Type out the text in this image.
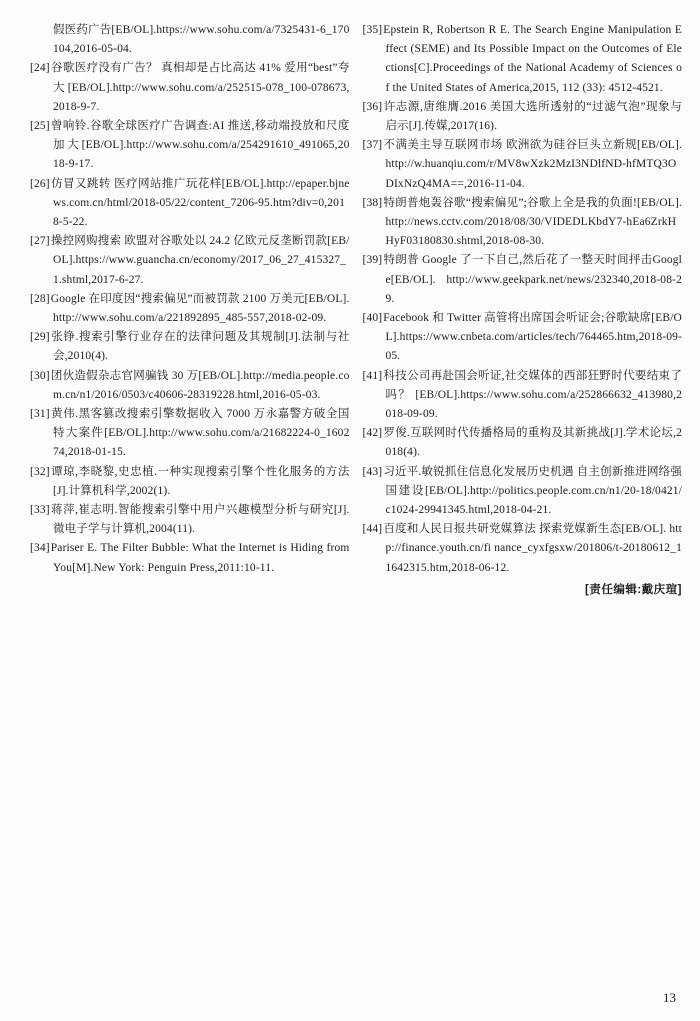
假医药广告[EB/OL].https://www.sohu.com/a/7325431-6_170104,2016-05-04.

[24]谷歌医疗没有广告？ 真相却是占比高达 41% 爱用“best”夸大[EB/OL].http://www.sohu.com/a/252515-078_100-078673,2018-9-7.

[25]曾响铃.谷歌全球医疗广告调查:AI 推送,移动端投放和尺度加大[EB/OL].http://www.sohu.com/a/254291610_491065,2018-9-17.

[26]仿冒又跳转 医疗网站推广玩花样[EB/OL].http://epaper.bjnews.com.cn/html/2018-05/22/content_7206-95.htm?div=0,2018-5-22.

[27]操控网购搜索 欧盟对谷歌处以 24.2 亿欧元反垄断罚款[EB/OL].https://www.guancha.cn/economy/2017_06_27_415327_1.shtml,2017-6-27.

[28]Google 在印度因“搜索偏见”而被罚款 2100 万美元[EB/OL].http://www.sohu.com/a/221892895_485-557,2018-02-09.

[29]张铮.搜索引擎行业存在的法律问题及其规制[J].法制与社会,2010(4).

[30]团伙造假杂志官网骗钱 30 万[EB/OL].http://media.people.com.cn/n1/2016/0503/c40606-28319228.html,2016-05-03.

[31]黄伟.黑客篡改搜索引擎数据收入 7000 万永嘉警方破全国特大案件[EB/OL].http://www.sohu.com/a/21682224-0_160274,2018-01-15.

[32]谭琼,李晓黎,史忠植.一种实现搜索引擎个性化服务的方法[J].计算机科学,2002(1).

[33]蒋萍,崔志明.智能搜索引擎中用户兴趣模型分析与研究[J].微电子学与计算机,2004(11).

[34]Pariser E. The Filter Bubble: What the Internet is Hiding from You[M].New York: Penguin Press,2011:10-11.

[35]Epstein R, Robertson R E. The Search Engine Manipulation Effect (SEME) and Its Possible Impact on the Outcomes of Elections[C].Proceedings of the National Academy of Sciences of the United States of America,2015, 112 (33): 4512-4521.

[36]许志源,唐维膺.2016 美国大选所透射的“过滤气泡”现象与启示[J].传媒,2017(16).

[37]不满美主导互联网市场 欧洲欲为硅谷巨头立新规[EB/OL]. http://w.huanqiu.com/r/MV8wXzk2MzI3NDlfND-hfMTQ3ODIxNzQ4MA==,2016-11-04.

[38]特朗普炮轰谷歌“搜索偏见”;谷歌上全是我的负面![EB/OL]. http://news.cctv.com/2018/08/30/VIDEDLKbdY7-hEa6ZrkHHyF03180830.shtml,2018-08-30.

[39]特朗普 Google 了一下自己,然后花了一整天时间抨击Google[EB/OL]. http://www.geekpark.net/news/232340,2018-08-29.

[40]Facebook 和 Twitter 高管将出席国会听证会;谷歌缺席[EB/OL].https://www.cnbeta.com/articles/tech/764465.htm,2018-09-05.

[41]科技公司再赴国会听证,社交媒体的西部狂野时代要结束了吗？ [EB/OL].https://www.sohu.com/a/252866632_413980,2018-09-09.

[42]罗俊.互联网时代传播格局的重构及其新挑战[J].学术论坛,2018(4).

[43]习近平.敏锐抓住信息化发展历史机遇 自主创新推进网络强国建设[EB/OL].http://politics.people.com.cn/n1/20-18/0421/c1024-29941345.html,2018-04-21.

[44]百度和人民日报共研党媒算法 探索党媒新生态[EB/OL]. http://finance.youth.cn/fi nance_cyxfgsxw/201806/t-20180612_11642315.htm,2018-06-12.

[责任编辑:戴庆瑄]
13
